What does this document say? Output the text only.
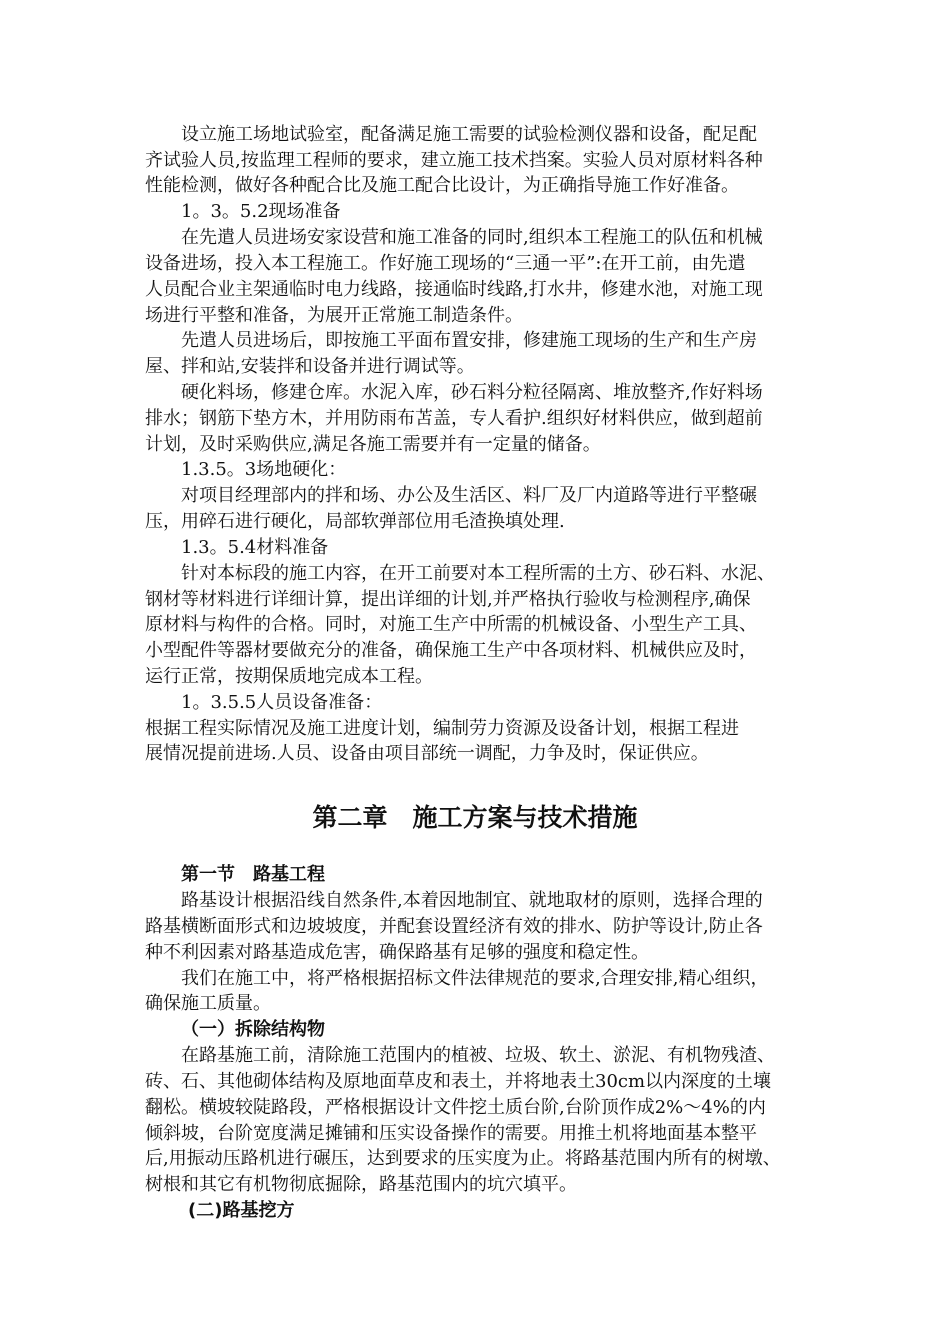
　　设立施工场地试验室，配备满足施工需要的试验检测仪器和设备，配足配
齐试验人员,按监理工程师的要求，建立施工技术挡案。实验人员对原材料各种
性能检测，做好各种配合比及施工配合比设计，为正确指导施工作好准备。
　　1。3。5.2现场准备
　　在先遣人员进场安家设营和施工准备的同时,组织本工程施工的队伍和机械
设备进场，投入本工程施工。作好施工现场的“三通一平”:在开工前，由先遣
人员配合业主架通临时电力线路，接通临时线路,打水井，修建水池，对施工现
场进行平整和准备，为展开正常施工制造条件。
　　先遣人员进场后，即按施工平面布置安排，修建施工现场的生产和生产房
屋、拌和站,安装拌和设备并进行调试等。
　　硬化料场，修建仓库。水泥入库，砂石料分粒径隔离、堆放整齐,作好料场
排水；钢筋下垫方木，并用防雨布苫盖，专人看护.组织好材料供应，做到超前
计划，及时采购供应,满足各施工需要并有一定量的储备。
　　1.3.5。3场地硬化：
　　对项目经理部内的拌和场、办公及生活区、料厂及厂内道路等进行平整碾
压，用碎石进行硬化，局部软弹部位用毛渣换填处理.
　　1.3。5.4材料准备
　　针对本标段的施工内容，在开工前要对本工程所需的土方、砂石料、水泥、
钢材等材料进行详细计算，提出详细的计划,并严格执行验收与检测程序,确保
原材料与构件的合格。同时，对施工生产中所需的机械设备、小型生产工具、
小型配件等器材要做充分的准备，确保施工生产中各项材料、机械供应及时，
运行正常，按期保质地完成本工程。
　　1。3.5.5人员设备准备：
根据工程实际情况及施工进度计划，编制劳力资源及设备计划，根据工程进
展情况提前进场.人员、设备由项目部统一调配，力争及时，保证供应。
第二章　施工方案与技术措施
第一节　路基工程
　　路基设计根据沿线自然条件,本着因地制宜、就地取材的原则，选择合理的
路基横断面形式和边坡坡度，并配套设置经济有效的排水、防护等设计,防止各
种不利因素对路基造成危害，确保路基有足够的强度和稳定性。
　　我们在施工中，将严格根据招标文件法律规范的要求,合理安排,精心组织，
确保施工质量。
（一）拆除结构物
　　在路基施工前，清除施工范围内的植被、垃圾、软土、淤泥、有机物残渣、
砖、石、其他砌体结构及原地面草皮和表土，并将地表土30cm以内深度的土壤
翻松。横坡较陡路段，严格根据设计文件挖土质台阶,台阶顶作成2%～4%的内
倾斜坡，台阶宽度满足摊铺和压实设备操作的需要。用推土机将地面基本整平
后,用振动压路机进行碾压，达到要求的压实度为止。将路基范围内所有的树墩、
树根和其它有机物彻底掘除，路基范围内的坑穴填平。
(二)路基挖方
